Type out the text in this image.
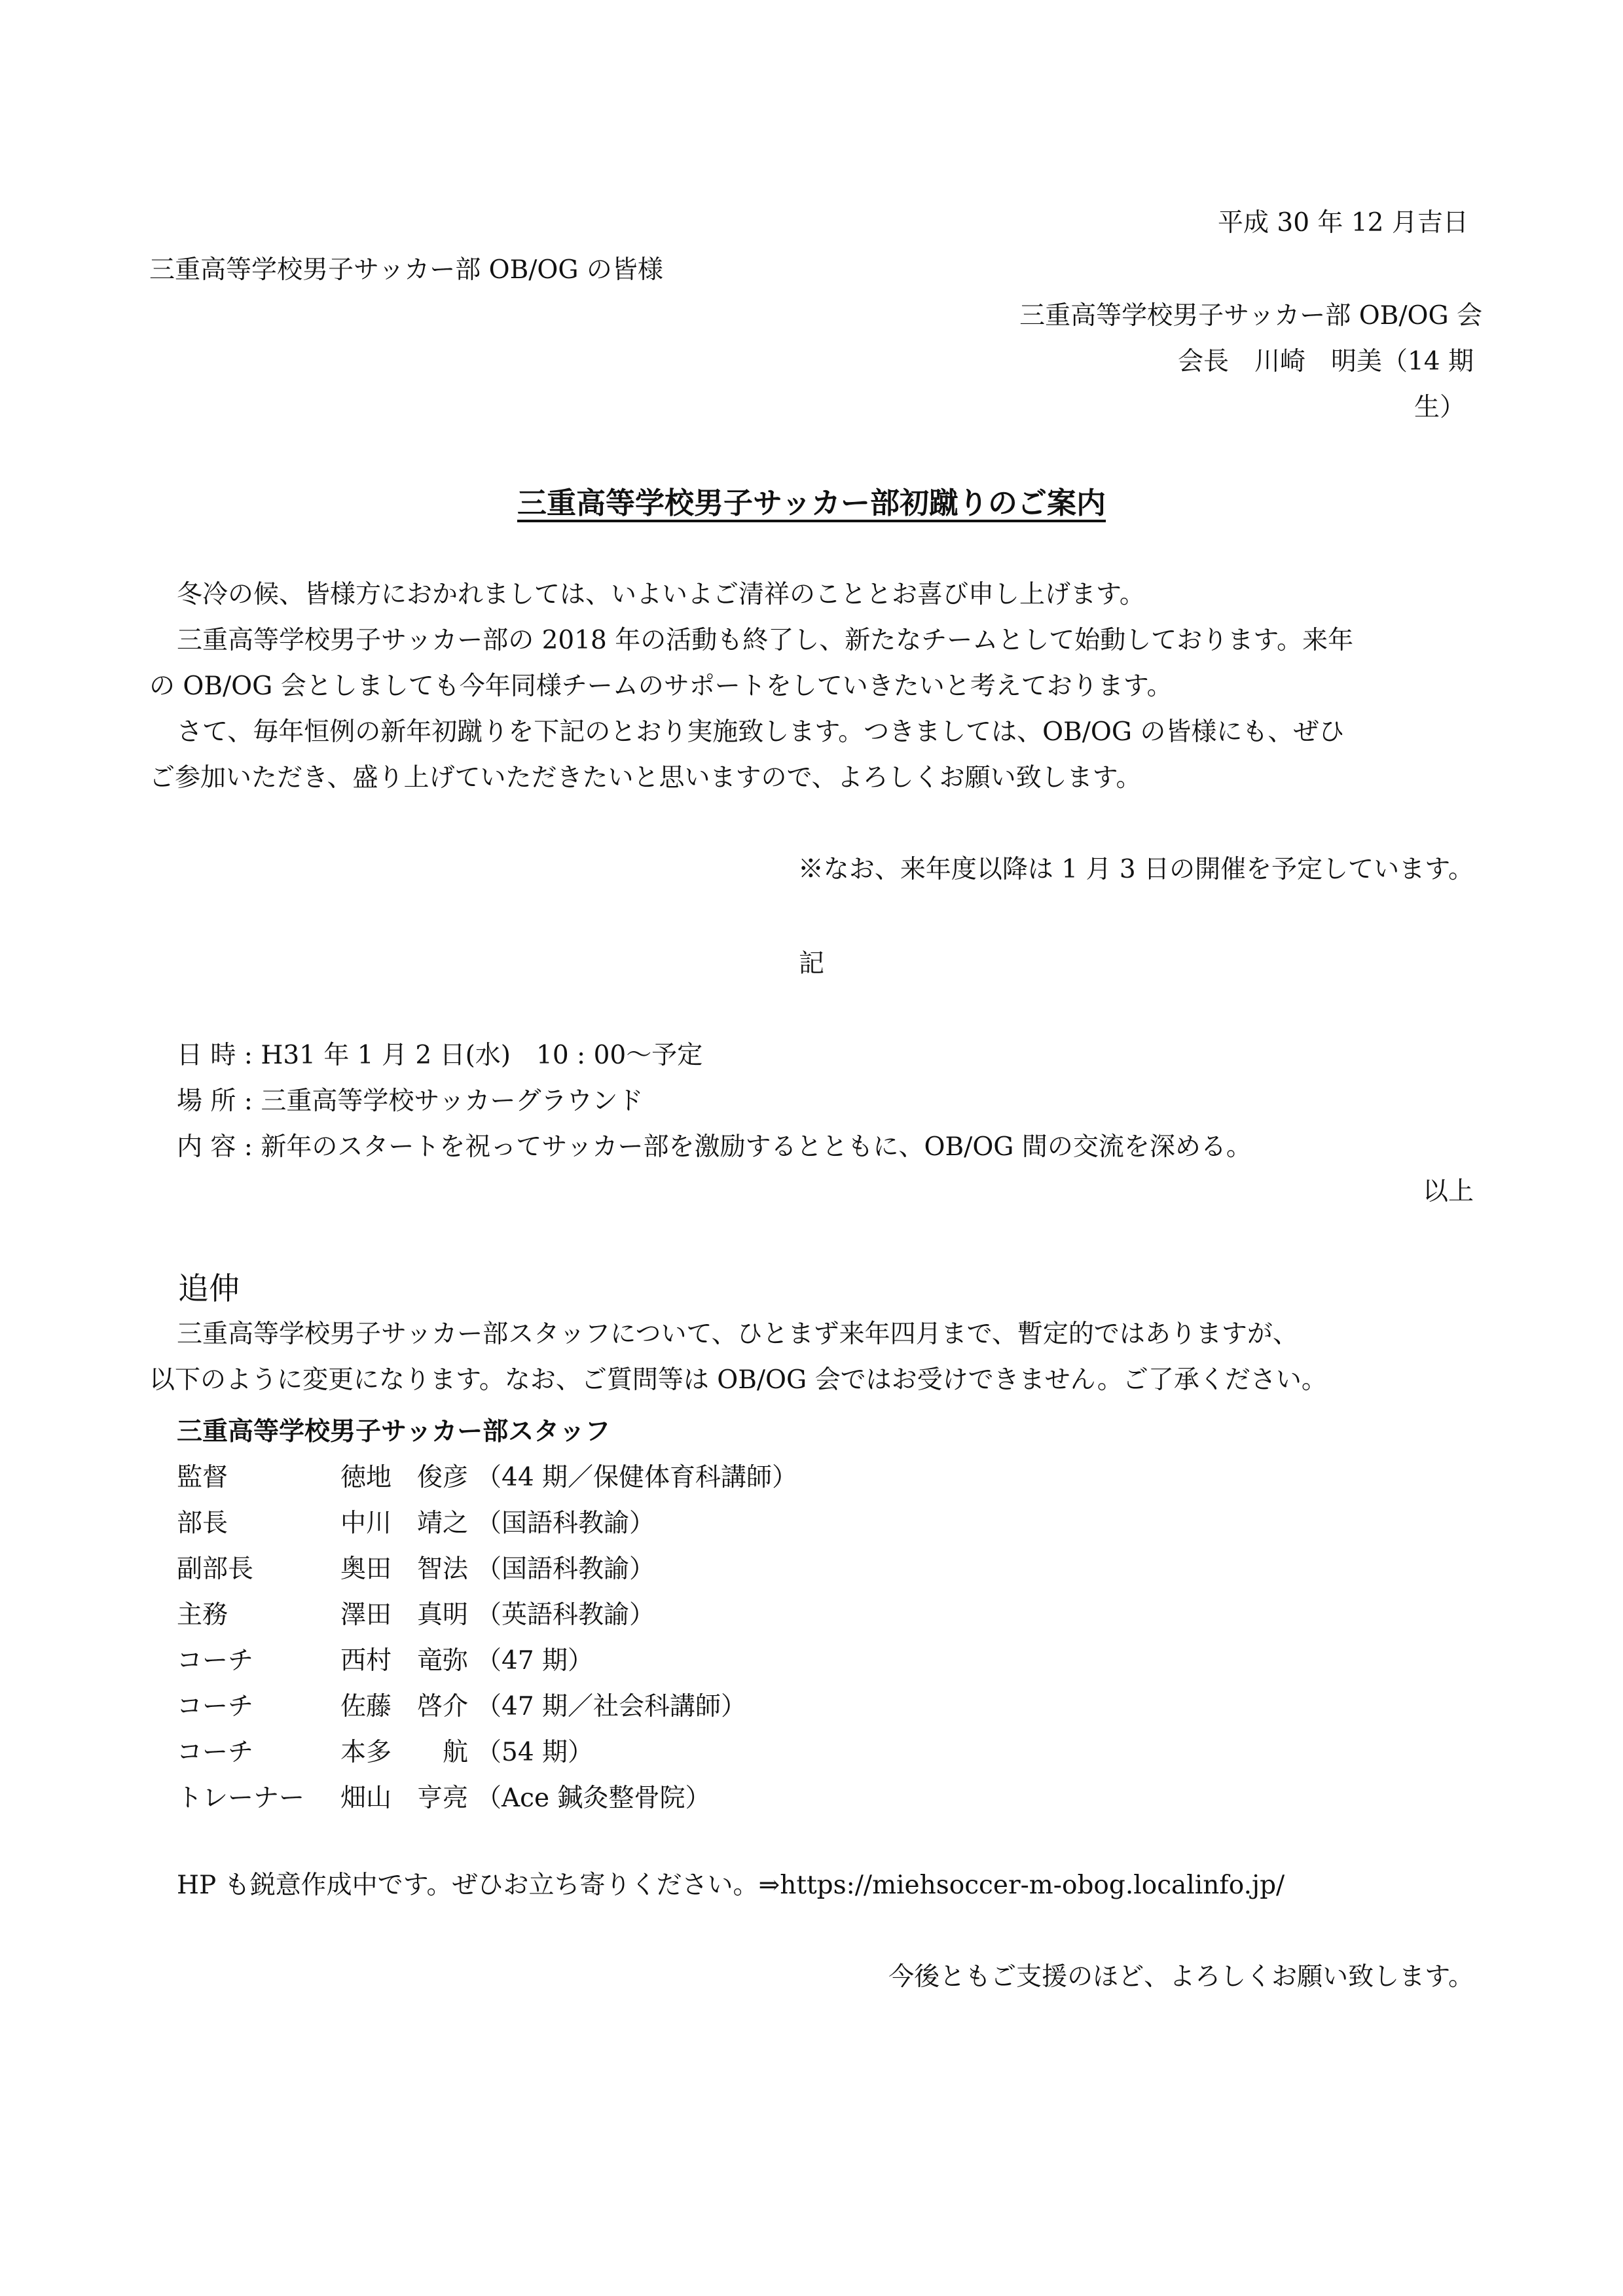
平成 30 年 12 月吉日
三重高等学校男子サッカー部 OB/OG の皆様
三重高等学校男子サッカー部 OB/OG 会
会長　川崎　明美（14 期
生）
三重高等学校男子サッカー部初蹴りのご案内
冬冷の候、皆様方におかれましては、いよいよご清祥のこととお喜び申し上げます。
三重高等学校男子サッカー部の 2018 年の活動も終了し、新たなチームとして始動しております。来年
の OB/OG 会としましても今年同様チームのサポートをしていきたいと考えております。
さて、毎年恒例の新年初蹴りを下記のとおり実施致します。つきましては、OB/OG の皆様にも、ぜひ
ご参加いただき、盛り上げていただきたいと思いますので、よろしくお願い致します。
※なお、来年度以降は 1 月 3 日の開催を予定しています。
記
日 時 : H31 年 1 月 2 日(水)　10 : 00〜予定
場 所 : 三重高等学校サッカーグラウンド
内 容 : 新年のスタートを祝ってサッカー部を激励するとともに、OB/OG 間の交流を深める。
以上
追伸
三重高等学校男子サッカー部スタッフについて、ひとまず来年四月まで、暫定的ではありますが、
以下のように変更になります。なお、ご質問等は OB/OG 会ではお受けできません。ご了承ください。
三重高等学校男子サッカー部スタッフ
監督	徳地　俊彦 （44 期／保健体育科講師）
部長	中川　靖之 （国語科教諭）
副部長	奥田　智法 （国語科教諭）
主務	澤田　真明 （英語科教諭）
コーチ	西村　竜弥 （47 期）
コーチ	佐藤　啓介 （47 期／社会科講師）
コーチ	本多　　航 （54 期）
トレーナー 畑山　亨亮 （Ace 鍼灸整骨院）
HP も鋭意作成中です。ぜひお立ち寄りください。⇒https://miehsoccer-m-obog.localinfo.jp/
今後ともご支援のほど、よろしくお願い致します。
